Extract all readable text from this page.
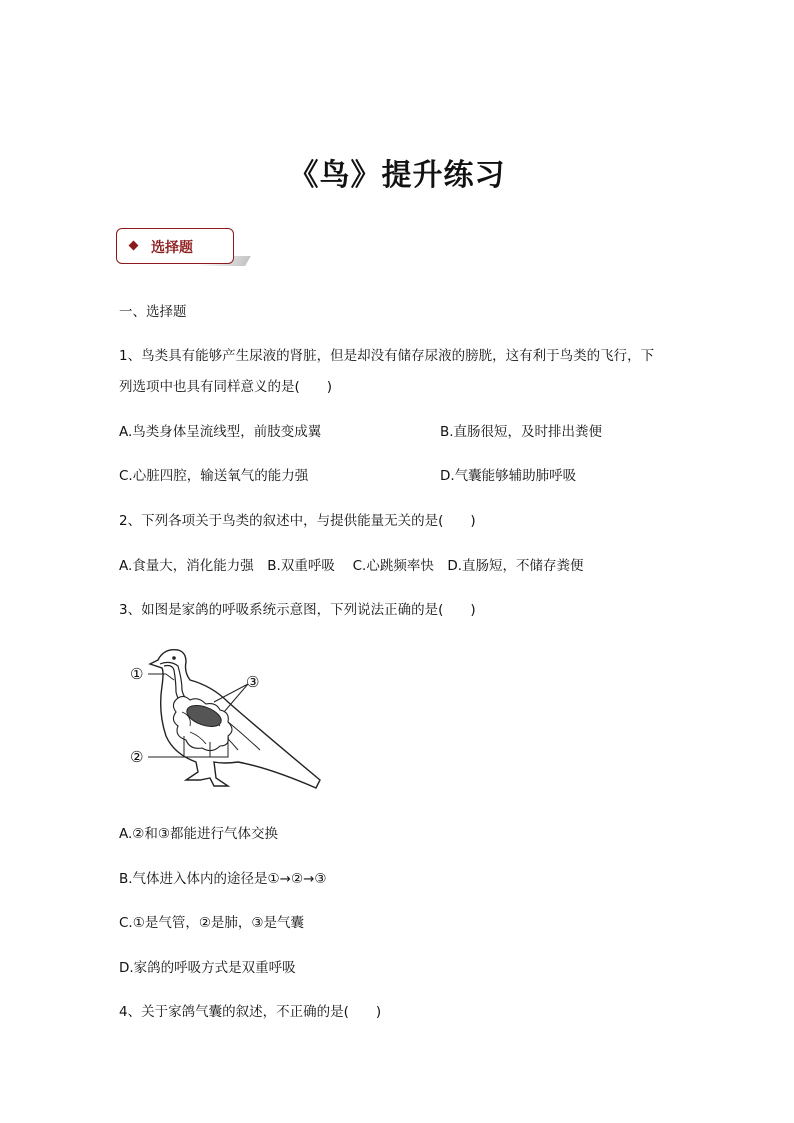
《鸟》提升练习
选择题
一、选择题
1、鸟类具有能够产生尿液的肾脏，但是却没有储存尿液的膀胱，这有利于鸟类的飞行，下
列选项中也具有同样意义的是(　　)
A.鸟类身体呈流线型，前肢变成翼	B.直肠很短，及时排出粪便
C.心脏四腔，输送氧气的能力强	D.气囊能够辅助肺呼吸
2、下列各项关于鸟类的叙述中，与提供能量无关的是(　　)
A.食量大，消化能力强　B.双重呼吸　 C.心跳频率快　D.直肠短，不储存粪便
3、如图是家鸽的呼吸系统示意图，下列说法正确的是(　　)
①
②
③
A.②和③都能进行气体交换
B.气体进入体内的途径是①→②→③
C.①是气管，②是肺，③是气囊
D.家鸽的呼吸方式是双重呼吸
4、关于家鸽气囊的叙述，不正确的是(　　)
